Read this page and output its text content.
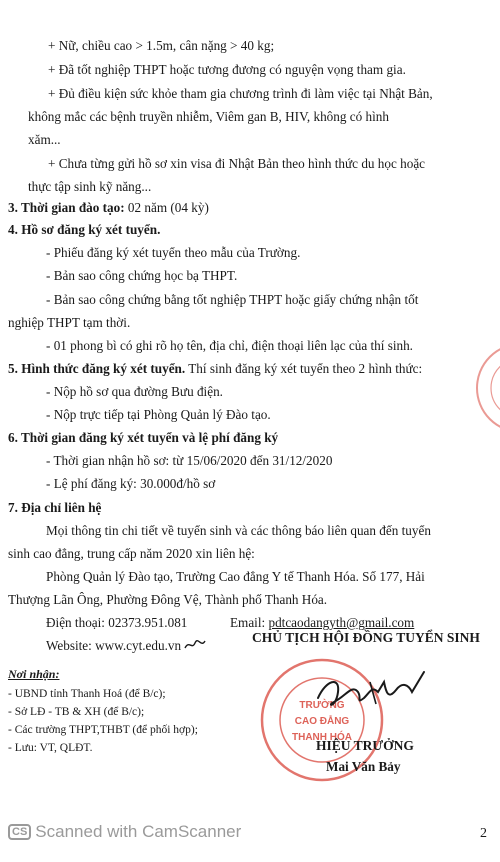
+ Nữ, chiều cao > 1.5m, cân nặng > 40 kg;
+ Đã tốt nghiệp THPT hoặc tương đương có nguyện vọng tham gia.
+ Đủ điều kiện sức khỏe tham gia chương trình đi làm việc tại Nhật Bản,
không mắc các bệnh truyền nhiễm, Viêm gan B, HIV, không có hình
xăm...
+ Chưa từng gửi hồ sơ xin visa đi Nhật Bản theo hình thức du học hoặc
thực tập sinh kỹ năng...
3. Thời gian đào tạo: 02 năm (04 kỳ)
4. Hồ sơ đăng ký xét tuyển.
- Phiếu đăng ký xét tuyển theo mẫu của Trường.
- Bản sao công chứng học bạ THPT.
- Bản sao công chứng bằng tốt nghiệp THPT hoặc giấy chứng nhận tốt
nghiệp THPT tạm thời.
- 01 phong bì có ghi rõ họ tên, địa chỉ, điện thoại liên lạc của thí sinh.
5. Hình thức đăng ký xét tuyển. Thí sinh đăng ký xét tuyển theo 2 hình thức:
- Nộp hồ sơ qua đường Bưu điện.
- Nộp trực tiếp tại Phòng Quản lý Đào tạo.
6. Thời gian đăng ký xét tuyển và lệ phí đăng ký
- Thời gian nhận hồ sơ: từ 15/06/2020 đến 31/12/2020
- Lệ phí đăng ký: 30.000đ/hồ sơ
7. Địa chỉ liên hệ
Mọi thông tin chi tiết về tuyển sinh và các thông báo liên quan đến tuyển
sinh cao đẳng, trung cấp năm 2020 xin liên hệ:
Phòng Quản lý Đào tạo, Trường Cao đẳng Y tế Thanh Hóa. Số 177, Hải
Thượng Lãn Ông, Phường Đông Vệ, Thành phố Thanh Hóa.
Điện thoại: 02373.951.081	Email: pdtcaodangyth@gmail.com
Website: www.cyt.edu.vn
Nơi nhận:
- UBND tỉnh Thanh Hoá (để B/c);
- Sở LĐ - TB & XH (để B/c);
- Các trường THPT,THBT (để phối hợp);
- Lưu: VT, QLĐT.
CHỦ TỊCH HỘI ĐỒNG TUYỂN SINH
TRƯỜNG
CAO ĐẲNG
THANH HÓA
HIỆU TRƯỞNG
Mai Văn Bảy
CS Scanned with CamScanner	2
